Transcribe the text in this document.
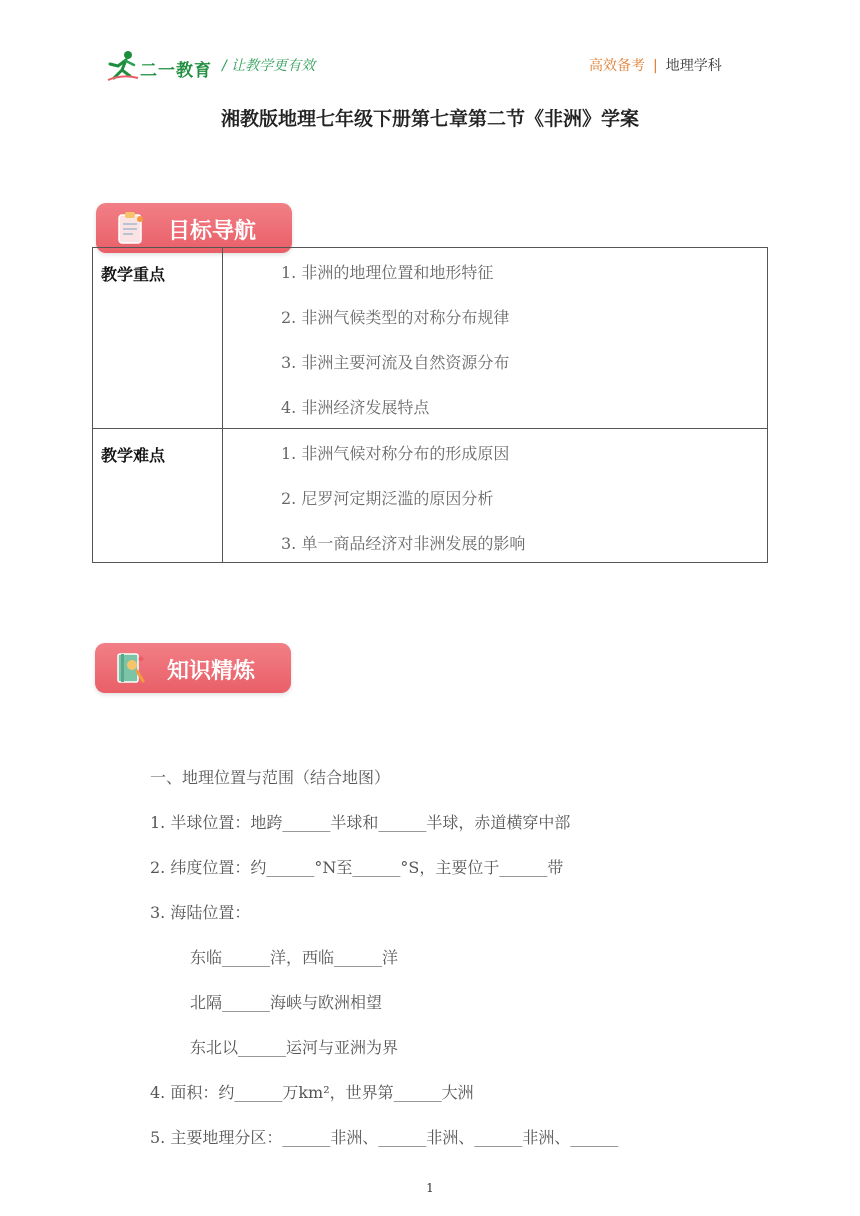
二一教育 / 让教学更有效	高效备考 | 地理学科
湘教版地理七年级下册第七章第二节《非洲》学案
目标导航
教学重点	1. 非洲的地理位置和地形特征
2. 非洲气候类型的对称分布规律
3. 非洲主要河流及自然资源分布
4. 非洲经济发展特点
教学难点	1. 非洲气候对称分布的形成原因
2. 尼罗河定期泛滥的原因分析
3. 单一商品经济对非洲发展的影响
知识精炼
一、地理位置与范围（结合地图）
1. 半球位置：地跨______半球和______半球，赤道横穿中部
2. 纬度位置：约______°N至______°S，主要位于______带
3. 海陆位置：
东临______洋，西临______洋
北隔______海峡与欧洲相望
东北以______运河与亚洲为界
4. 面积：约______万km²，世界第______大洲
5. 主要地理分区：______非洲、______非洲、______非洲、______
1
